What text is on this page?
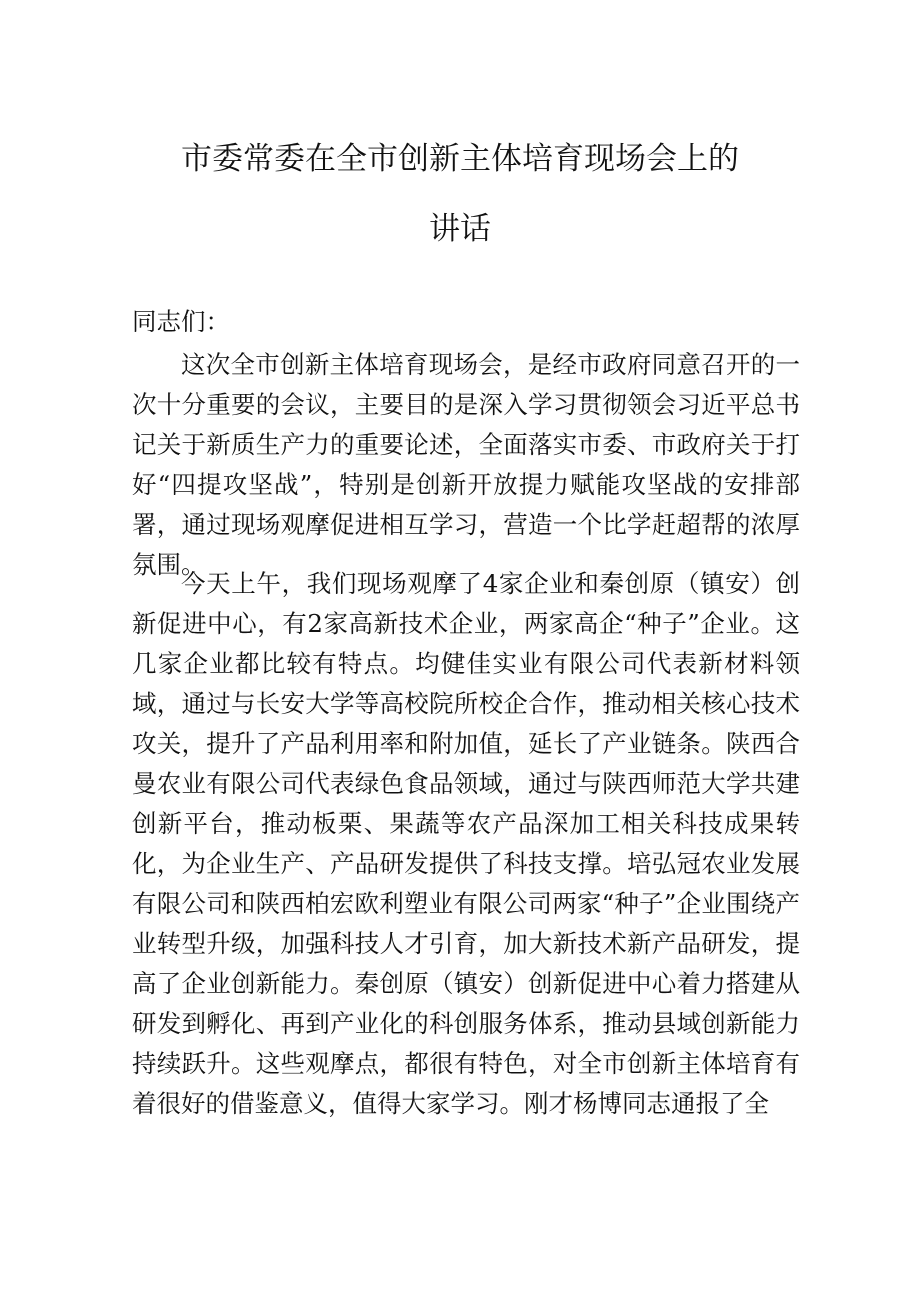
市委常委在全市创新主体培育现场会上的
讲话

同志们：

这次全市创新主体培育现场会，是经市政府同意召开的一次十分重要的会议，主要目的是深入学习贯彻领会习近平总书记关于新质生产力的重要论述，全面落实市委、市政府关于打好“四提攻坚战”，特别是创新开放提力赋能攻坚战的安排部署，通过现场观摩促进相互学习，营造一个比学赶超帮的浓厚氛围。

今天上午，我们现场观摩了4家企业和秦创原（镇安）创新促进中心，有2家高新技术企业，两家高企“种子”企业。这几家企业都比较有特点。均健佳实业有限公司代表新材料领域，通过与长安大学等高校院所校企合作，推动相关核心技术攻关，提升了产品利用率和附加值，延长了产业链条。陕西合曼农业有限公司代表绿色食品领域，通过与陕西师范大学共建创新平台，推动板栗、果蔬等农产品深加工相关科技成果转化，为企业生产、产品研发提供了科技支撑。培弘冠农业发展有限公司和陕西柏宏欧利塑业有限公司两家“种子”企业围绕产业转型升级，加强科技人才引育，加大新技术新产品研发，提高了企业创新能力。秦创原（镇安）创新促进中心着力搭建从研发到孵化、再到产业化的科创服务体系，推动县域创新能力持续跃升。这些观摩点，都很有特色，对全市创新主体培育有着很好的借鉴意义，值得大家学习。刚才杨博同志通报了全
